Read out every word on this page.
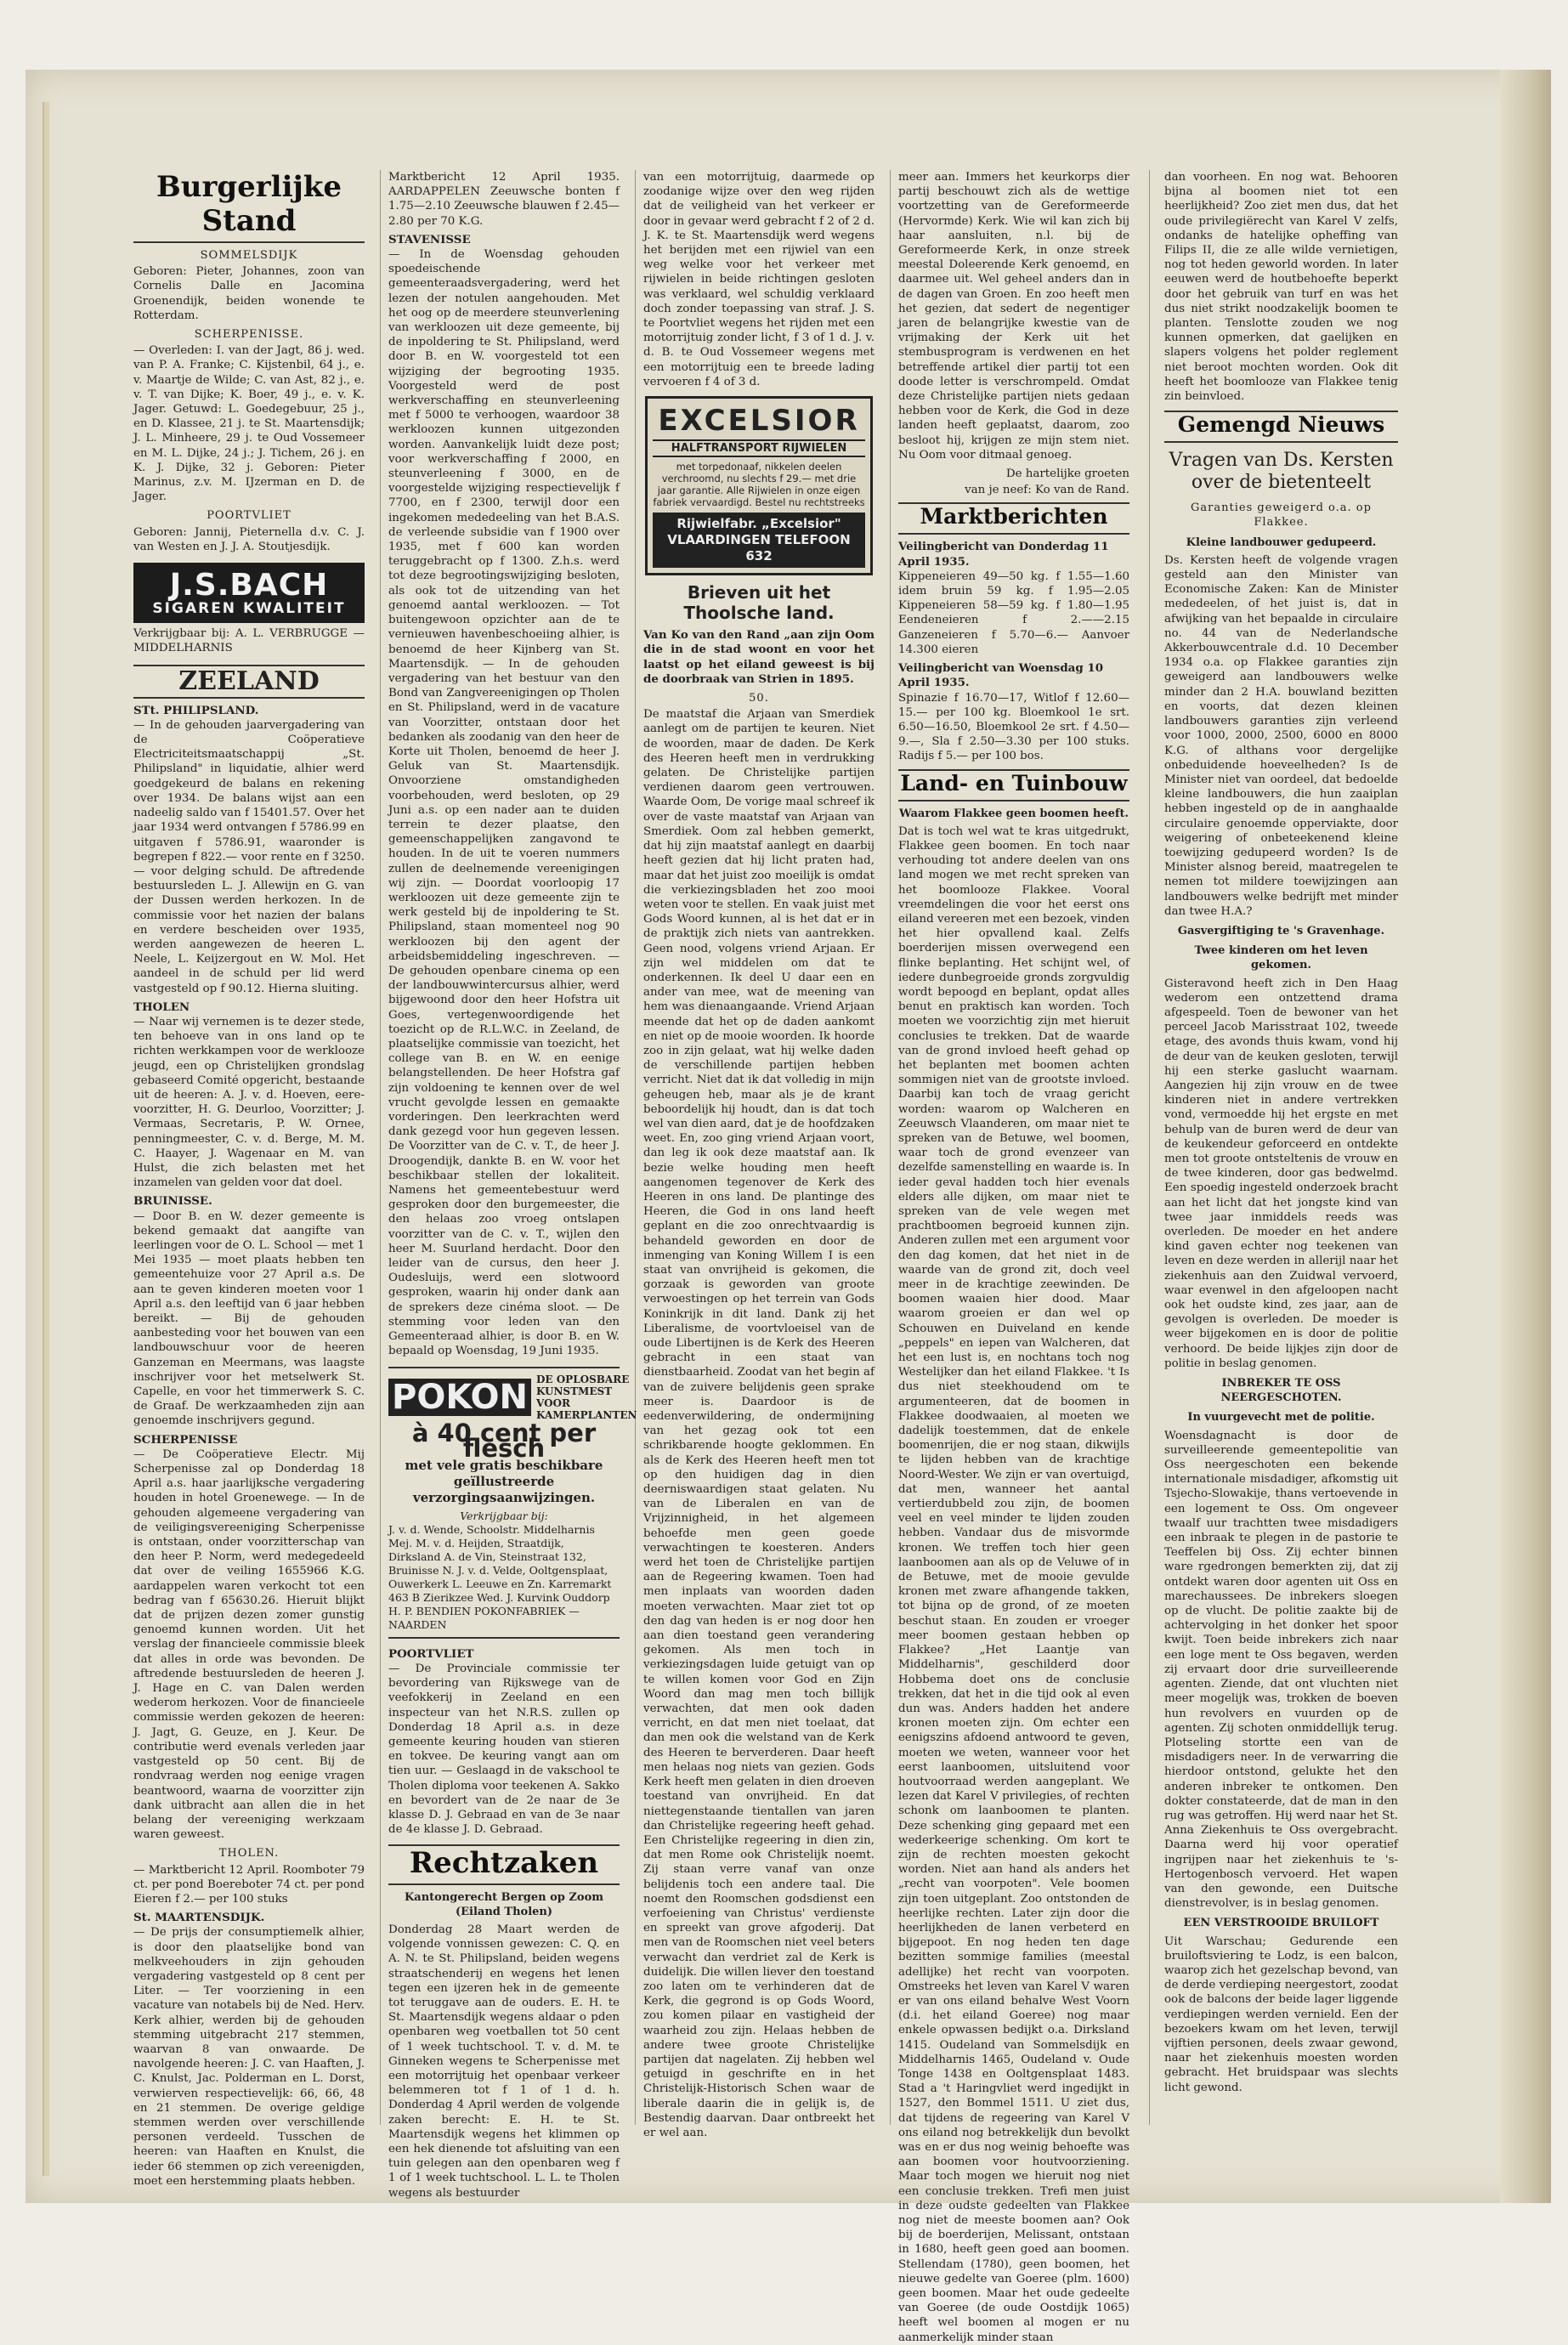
Burgerlijke Stand
SOMMELSDIJK

Geboren: Pieter, Johannes, zoon van Cornelis Dalle en Jacomina Groenendijk, beiden wonende te Rotterdam.

SCHERPENISSE.

— Overleden: I. van der Jagt, 86 j. wed. van P. A. Franke; C. Kijstenbil, 64 j., e. v. Maartje de Wilde; C. van Ast, 82 j., e. v. T. van Dijke; K. Boer, 49 j., e. v. K. Jager. Getuwd: L. Goedegebuur, 25 j., en D. Klassee, 21 j. te St. Maartensdijk; J. L. Minheere, 29 j. te Oud Vossemeer en M. L. Dijke, 24 j.; J. Tichem, 26 j. en K. J. Dijke, 32 j. Geboren: Pieter Marinus, z.v. M. IJzerman en D. de Jager.

POORTVLIET

Geboren: Jannij, Pieternella d.v. C. J. van Westen en J. J. A. Stoutjesdijk.

J.S.BACH
SIGAREN KWALITEIT

Verkrijgbaar bij: A. L. VERBRUGGE — MIDDELHARNIS

ZEELAND
STt. PHILIPSLAND.

— In de gehouden jaarvergadering van de Coöperatieve Electriciteitsmaatschappij „St. Philipsland" in liquidatie, alhier werd goedgekeurd de balans en rekening over 1934. De balans wijst aan een nadeelig saldo van f 15401.57. Over het jaar 1934 werd ontvangen f 5786.99 en uitgaven f 5786.91, waaronder is begrepen f 822.— voor rente en f 3250.— voor delging schuld. De aftredende bestuursleden L. J. Allewijn en G. van der Dussen werden herkozen. In de commissie voor het nazien der balans en verdere bescheiden over 1935, werden aangewezen de heeren L. Neele, L. Keijzergout en W. Mol. Het aandeel in de schuld per lid werd vastgesteld op f 90.12. Hierna sluiting.

THOLEN

— Naar wij vernemen is te dezer stede, ten behoeve van in ons land op te richten werkkampen voor de werklooze jeugd, een op Christelijken grondslag gebaseerd Comité opgericht, bestaande uit de heeren: A. J. v. d. Hoeven, eere-voorzitter, H. G. Deurloo, Voorzitter; J. Vermaas, Secretaris, P. W. Ornee, penningmeester, C. v. d. Berge, M. M. C. Haayer, J. Wagenaar en M. van Hulst, die zich belasten met het inzamelen van gelden voor dat doel.

BRUINISSE.

— Door B. en W. dezer gemeente is bekend gemaakt dat aangifte van leerlingen voor de O. L. School — met 1 Mei 1935 — moet plaats hebben ten gemeentehuize voor 27 April a.s. De aan te geven kinderen moeten voor 1 April a.s. den leeftijd van 6 jaar hebben bereikt. — Bij de gehouden aanbesteding voor het bouwen van een landbouwschuur voor de heeren Ganzeman en Meermans, was laagste inschrijver voor het metselwerk St. Capelle, en voor het timmerwerk S. C. de Graaf. De werkzaamheden zijn aan genoemde inschrijvers gegund.

SCHERPENISSE

— De Coöperatieve Electr. Mij Scherpenisse zal op Donderdag 18 April a.s. haar jaarlijksche vergadering houden in hotel Groenewege. — In de gehouden algemeene vergadering van de veiligingsvereeniging Scherpenisse is ontstaan, onder voorzitterschap van den heer P. Norm, werd medegedeeld dat over de veiling 1655966 K.G. aardappelen waren verkocht tot een bedrag van f 65630.26. Hieruit blijkt dat de prijzen dezen zomer gunstig genoemd kunnen worden. Uit het verslag der financieele commissie bleek dat alles in orde was bevonden. De aftredende bestuursleden de heeren J. J. Hage en C. van Dalen werden wederom herkozen. Voor de financieele commissie werden gekozen de heeren: J. Jagt, G. Geuze, en J. Keur. De contributie werd evenals verleden jaar vastgesteld op 50 cent. Bij de rondvraag werden nog eenige vragen beantwoord, waarna de voorzitter zijn dank uitbracht aan allen die in het belang der vereeniging werkzaam waren geweest.

THOLEN.

— Marktbericht 12 April. Roomboter 79 ct. per pond Boereboter 74 ct. per pond Eieren f 2.— per 100 stuks

St. MAARTENSDIJK.

— De prijs der consumptiemelk alhier, is door den plaatselijke bond van melkveehouders in zijn gehouden vergadering vastgesteld op 8 cent per Liter. — Ter voorziening in een vacature van notabels bij de Ned. Herv. Kerk alhier, werden bij de gehouden stemming uitgebracht 217 stemmen, waarvan 8 van onwaarde. De navolgende heeren: J. C. van Haaften, J. C. Knulst, Jac. Polderman en L. Dorst, verwierven respectievelijk: 66, 66, 48 en 21 stemmen. De overige geldige stemmen werden over verschillende personen verdeeld. Tusschen de heeren: van Haaften en Knulst, die ieder 66 stemmen op zich vereenigden, moet een herstemming plaats hebben.

Marktbericht 12 April 1935. AARDAPPELEN Zeeuwsche bonten f 1.75—2.10 Zeeuwsche blauwen f 2.45—2.80 per 70 K.G.

STAVENISSE

— In de Woensdag gehouden spoedeischende gemeenteraadsvergadering, werd het lezen der notulen aangehouden. Met het oog op de meerdere steunverlening van werkloozen uit deze gemeente, bij de inpoldering te St. Philipsland, werd door B. en W. voorgesteld tot een wijziging der begrooting 1935. Voorgesteld werd de post werkverschaffing en steunverleening met f 5000 te verhoogen, waardoor 38 werkloozen kunnen uitgezonden worden. Aanvankelijk luidt deze post; voor werkverschaffing f 2000, en steunverleening f 3000, en de voorgestelde wijziging respectievelijk f 7700, en f 2300, terwijl door een ingekomen mededeeling van het B.A.S. de verleende subsidie van f 1900 over 1935, met f 600 kan worden teruggebracht op f 1300. Z.h.s. werd tot deze begrootingswijziging besloten, als ook tot de uitzending van het genoemd aantal werkloozen. — Tot buitengewoon opzichter aan de te vernieuwen havenbeschoeiing alhier, is benoemd de heer Kijnberg van St. Maartensdijk. — In de gehouden vergadering van het bestuur van den Bond van Zangvereenigingen op Tholen en St. Philipsland, werd in de vacature van Voorzitter, ontstaan door het bedanken als zoodanig van den heer de Korte uit Tholen, benoemd de heer J. Geluk van St. Maartensdijk. Onvoorziene omstandigheden voorbehouden, werd besloten, op 29 Juni a.s. op een nader aan te duiden terrein te dezer plaatse, den gemeenschappelijken zangavond te houden. In de uit te voeren nummers zullen de deelnemende vereenigingen wij zijn. — Doordat voorloopig 17 werkloozen uit deze gemeente zijn te werk gesteld bij de inpoldering te St. Philipsland, staan momenteel nog 90 werkloozen bij den agent der arbeidsbemiddeling ingeschreven. — De gehouden openbare cinema op een der landbouwwintercursus alhier, werd bijgewoond door den heer Hofstra uit Goes, vertegenwoordigende het toezicht op de R.L.W.C. in Zeeland, de plaatselijke commissie van toezicht, het college van B. en W. en eenige belangstellenden. De heer Hofstra gaf zijn voldoening te kennen over de wel vrucht gevolgde lessen en gemaakte vorderingen. Den leerkrachten werd dank gezegd voor hun gegeven lessen. De Voorzitter van de C. v. T., de heer J. Droogendijk, dankte B. en W. voor het beschikbaar stellen der lokaliteit. Namens het gemeentebestuur werd gesproken door den burgemeester, die den helaas zoo vroeg ontslapen voorzitter van de C. v. T., wijlen den heer M. Suurland herdacht. Door den leider van de cursus, den heer J. Oudesluijs, werd een slotwoord gesproken, waarin hij onder dank aan de sprekers deze cinéma sloot. — De stemming voor leden van den Gemeenteraad alhier, is door B. en W. bepaald op Woensdag, 19 Juni 1935.

POKON DE OPLOSBARE KUNSTMEST VOOR KAMERPLANTEN
à 40 cent per flesch
met vele gratis beschikbare geïllustreerde verzorgingsaanwijzingen.
Verkrijgbaar bij:
J. v. d. Wende, Schoolstr. Middelharnis Mej. M. v. d. Heijden, Straatdijk, Dirksland A. de Vin, Steinstraat 132, Bruinisse N. J. v. d. Velde, Ooltgensplaat, Ouwerkerk L. Leeuwe en Zn. Karremarkt 463 B Zierikzee Wed. J. Kurvink Ouddorp H. P. BENDIEN POKONFABRIEK — NAARDEN
POORTVLIET

— De Provinciale commissie ter bevordering van Rijkswege van de veefokkerij in Zeeland en een inspecteur van het N.R.S. zullen op Donderdag 18 April a.s. in deze gemeente keuring houden van stieren en tokvee. De keuring vangt aan om tien uur. — Geslaagd in de vakschool te Tholen diploma voor teekenen A. Sakko en bevordert van de 2e naar de 3e klasse D. J. Gebraad en van de 3e naar de 4e klasse J. D. Gebraad.

Rechtzaken
Kantongerecht Bergen op Zoom (Eiland Tholen)

Donderdag 28 Maart werden de volgende vonnissen gewezen: C. Q. en A. N. te St. Philipsland, beiden wegens straatschenderij en wegens het lenen tegen een ijzeren hek in de gemeente tot teruggave aan de ouders. E. H. te St. Maartensdijk wegens aldaar o pden openbaren weg voetballen tot 50 cent of 1 week tuchtschool. T. v. d. M. te Ginneken wegens te Scherpenisse met een motorrijtuig het openbaar verkeer belemmeren tot f 1 of 1 d. h. Donderdag 4 April werden de volgende zaken berecht: E. H. te St. Maartensdijk wegens het klimmen op een hek dienende tot afsluiting van een tuin gelegen aan den openbaren weg f 1 of 1 week tuchtschool. L. L. te Tholen wegens als bestuurder

van een motorrijtuig, daarmede op zoodanige wijze over den weg rijden dat de veiligheid van het verkeer er door in gevaar werd gebracht f 2 of 2 d. J. K. te St. Maartensdijk werd wegens het berijden met een rijwiel van een weg welke voor het verkeer met rijwielen in beide richtingen gesloten was verklaard, wel schuldig verklaard doch zonder toepassing van straf. J. S. te Poortvliet wegens het rijden met een motorrijtuig zonder licht, f 3 of 1 d. J. v. d. B. te Oud Vossemeer wegens met een motorrijtuig een te breede lading vervoeren f 4 of 3 d.

EXCELSIOR
HALFTRANSPORT RIJWIELEN
met torpedonaaf, nikkelen deelen verchroomd, nu slechts f 29.— met drie jaar garantie. Alle Rijwielen in onze eigen fabriek vervaardigd. Bestel nu rechtstreeks
Rijwielfabr. „Excelsior" VLAARDINGEN TELEFOON 632
Brieven uit het Thoolsche land.

Van Ko van den Rand „aan zijn Oom die in de stad woont en voor het laatst op het eiland geweest is bij de doorbraak van Strien in 1895.

50.

De maatstaf die Arjaan van Smerdiek aanlegt om de partijen te keuren. Niet de woorden, maar de daden. De Kerk des Heeren heeft men in verdrukking gelaten. De Christelijke partijen verdienen daarom geen vertrouwen. Waarde Oom, De vorige maal schreef ik over de vaste maatstaf van Arjaan van Smerdiek. Oom zal hebben gemerkt, dat hij zijn maatstaf aanlegt en daarbij heeft gezien dat hij licht praten had, maar dat het juist zoo moeilijk is omdat die verkiezingsbladen het zoo mooi weten voor te stellen. En vaak juist met Gods Woord kunnen, al is het dat er in de praktijk zich niets van aantrekken. Geen nood, volgens vriend Arjaan. Er zijn wel middelen om dat te onderkennen. Ik deel U daar een en ander van mee, wat de meening van hem was dienaangaande. Vriend Arjaan meende dat het op de daden aankomt en niet op de mooie woorden. Ik hoorde zoo in zijn gelaat, wat hij welke daden de verschillende partijen hebben verricht. Niet dat ik dat volledig in mijn geheugen heb, maar als je de krant beboordelijk hij houdt, dan is dat toch wel van dien aard, dat je de hoofdzaken weet. En, zoo ging vriend Arjaan voort, dan leg ik ook deze maatstaf aan. Ik bezie welke houding men heeft aangenomen tegenover de Kerk des Heeren in ons land. De plantinge des Heeren, die God in ons land heeft geplant en die zoo onrechtvaardig is behandeld geworden en door de inmenging van Koning Willem I is een staat van onvrijheid is gekomen, die gorzaak is geworden van groote verwoestingen op het terrein van Gods Koninkrijk in dit land. Dank zij het Liberalisme, de voortvloeisel van de oude Libertijnen is de Kerk des Heeren gebracht in een staat van dienstbaarheid. Zoodat van het begin af van de zuivere belijdenis geen sprake meer is. Daardoor is de eedenverwildering, de ondermijning van het gezag ook tot een schrikbarende hoogte geklommen. En als de Kerk des Heeren heeft men tot op den huidigen dag in dien deerniswaardigen staat gelaten. Nu van de Liberalen en van de Vrijzinnigheid, in het algemeen behoefde men geen goede verwachtingen te koesteren. Anders werd het toen de Christelijke partijen aan de Regeering kwamen. Toen had men inplaats van woorden daden moeten verwachten. Maar ziet tot op den dag van heden is er nog door hen aan dien toestand geen verandering gekomen. Als men toch in verkiezingsdagen luide getuigt van op te willen komen voor God en Zijn Woord dan mag men toch billijk verwachten, dat men ook daden verricht, en dat men niet toelaat, dat dan men ook die welstand van de Kerk des Heeren te berverderen. Daar heeft men helaas nog niets van gezien. Gods Kerk heeft men gelaten in dien droeven toestand van onvrijheid. En dat niettegenstaande tientallen van jaren dan Christelijke regeering heeft gehad. Een Christelijke regeering in dien zin, dat men Rome ook Christelijk noemt. Zij staan verre vanaf van onze belijdenis toch een andere taal. Die noemt den Roomschen godsdienst een verfoeiening van Christus' verdienste en spreekt van grove afgoderij. Dat men van de Roomschen niet veel beters verwacht dan verdriet zal de Kerk is duidelijk. Die willen liever den toestand zoo laten om te verhinderen dat de Kerk, die gegrond is op Gods Woord, zou komen pilaar en vastigheid der waarheid zou zijn. Helaas hebben de andere twee groote Christelijke partijen dat nagelaten. Zij hebben wel getuigd in geschrifte en in het Christelijk-Historisch Schen waar de liberale daarin die in gelijk is, de Bestendig daarvan. Daar ontbreekt het er wel aan.

meer aan. Immers het keurkorps dier partij beschouwt zich als de wettige voortzetting van de Gereformeerde (Hervormde) Kerk. Wie wil kan zich bij haar aansluiten, n.l. bij de Gereformeerde Kerk, in onze streek meestal Doleerende Kerk genoemd, en daarmee uit. Wel geheel anders dan in de dagen van Groen. En zoo heeft men het gezien, dat sedert de negentiger jaren de belangrijke kwestie van de vrijmaking der Kerk uit het stembusprogram is verdwenen en het betreffende artikel dier partij tot een doode letter is verschrompeld. Omdat deze Christelijke partijen niets gedaan hebben voor de Kerk, die God in deze landen heeft geplaatst, daarom, zoo besloot hij, krijgen ze mijn stem niet. Nu Oom voor ditmaal genoeg.

De hartelijke groeten
van je neef: Ko van de Rand.
Marktberichten
Veilingbericht van Donderdag 11 April 1935.

Kippeneieren 49—50 kg. f 1.55—1.60 idem bruin 59 kg. f 1.95—2.05 Kippeneieren 58—59 kg. f 1.80—1.95 Eendeneieren f 2.——2.15 Ganzeneieren f 5.70—6.— Aanvoer 14.300 eieren

Veilingbericht van Woensdag 10 April 1935.

Spinazie f 16.70—17, Witlof f 12.60—15.— per 100 kg. Bloemkool 1e srt. 6.50—16.50, Bloemkool 2e srt. f 4.50—9.—, Sla f 2.50—3.30 per 100 stuks. Radijs f 5.— per 100 bos.

Land- en Tuinbouw
Waarom Flakkee geen boomen heeft.

Dat is toch wel wat te kras uitgedrukt, Flakkee geen boomen. En toch naar verhouding tot andere deelen van ons land mogen we met recht spreken van het boomlooze Flakkee. Vooral vreemdelingen die voor het eerst ons eiland vereeren met een bezoek, vinden het hier opvallend kaal. Zelfs boerderijen missen overwegend een flinke beplanting. Het schijnt wel, of iedere dunbegroeide gronds zorgvuldig wordt bepoogd en beplant, opdat alles benut en praktisch kan worden. Toch moeten we voorzichtig zijn met hieruit conclusies te trekken. Dat de waarde van de grond invloed heeft gehad op het beplanten met boomen achten sommigen niet van de grootste invloed. Daarbij kan toch de vraag gericht worden: waarom op Walcheren en Zeeuwsch Vlaanderen, om maar niet te spreken van de Betuwe, wel boomen, waar toch de grond evenzeer van dezelfde samenstelling en waarde is. In ieder geval hadden toch hier evenals elders alle dijken, om maar niet te spreken van de vele wegen met prachtboomen begroeid kunnen zijn. Anderen zullen met een argument voor den dag komen, dat het niet in de waarde van de grond zit, doch veel meer in de krachtige zeewinden. De boomen waaien hier dood. Maar waarom groeien er dan wel op Schouwen en Duiveland en kende „peppels" en iepen van Walcheren, dat het een lust is, en nochtans toch nog Westelijker dan het eiland Flakkee. 't Is dus niet steekhoudend om te argumenteeren, dat de boomen in Flakkee doodwaaien, al moeten we dadelijk toestemmen, dat de enkele boomenrijen, die er nog staan, dikwijls te lijden hebben van de krachtige Noord-Wester. We zijn er van overtuigd, dat men, wanneer het aantal vertierdubbeld zou zijn, de boomen veel en veel minder te lijden zouden hebben. Vandaar dus de misvormde kronen. We treffen toch hier geen laanboomen aan als op de Veluwe of in de Betuwe, met de mooie gevulde kronen met zware afhangende takken, tot bijna op de grond, of ze moeten beschut staan. En zouden er vroeger meer boomen gestaan hebben op Flakkee? „Het Laantje van Middelharnis", geschilderd door Hobbema doet ons de conclusie trekken, dat het in die tijd ook al even dun was. Anders hadden het andere kronen moeten zijn. Om echter een eenigszins afdoend antwoord te geven, moeten we weten, wanneer voor het eerst laanboomen, uitsluitend voor houtvoorraad werden aangeplant. We lezen dat Karel V privilegies, of rechten schonk om laanboomen te planten. Deze schenking ging gepaard met een wederkeerige schenking. Om kort te zijn de rechten moesten gekocht worden. Niet aan hand als anders het „recht van voorpoten". Vele boomen zijn toen uitgeplant. Zoo ontstonden de heerlijke rechten. Later zijn door die heerlijkheden de lanen verbeterd en bijgepoot. En nog heden ten dage bezitten sommige families (meestal adellijke) het recht van voorpoten. Omstreeks het leven van Karel V waren er van ons eiland behalve West Voorn (d.i. het eiland Goeree) nog maar enkele opwassen bedijkt o.a. Dirksland 1415. Oudeland van Sommelsdijk en Middelharnis 1465, Oudeland v. Oude Tonge 1438 en Ooltgensplaat 1483. Stad a 't Haringvliet werd ingedijkt in 1527, den Bommel 1511. U ziet dus, dat tijdens de regeering van Karel V ons eiland nog betrekkelijk dun bevolkt was en er dus nog weinig behoefte was aan boomen voor houtvoorziening. Maar toch mogen we hieruit nog niet een conclusie trekken. Trefi men juist in deze oudste gedeelten van Flakkee nog niet de meeste boomen aan? Ook bij de boerderijen, Melissant, ontstaan in 1680, heeft geen goed aan boomen. Stellendam (1780), geen boomen, het nieuwe gedelte van Goeree (plm. 1600) geen boomen. Maar het oude gedeelte van Goeree (de oude Oostdijk 1065) heeft wel boomen al mogen er nu aanmerkelijk minder staan

dan voorheen. En nog wat. Behooren bijna al boomen niet tot een heerlijkheid? Zoo ziet men dus, dat het oude privilegiërecht van Karel V zelfs, ondanks de hatelijke opheffing van Filips II, die ze alle wilde vernietigen, nog tot heden geworld worden. In later eeuwen werd de houtbehoefte beperkt door het gebruik van turf en was het dus niet strikt noodzakelijk boomen te planten. Tenslotte zouden we nog kunnen opmerken, dat gaelijken en slapers volgens het polder reglement niet beroot mochten worden. Ook dit heeft het boomlooze van Flakkee tenig zin beinvloed.

Gemengd Nieuws
Vragen van Ds. Kersten over de bietenteelt
Garanties geweigerd o.a. op Flakkee.
Kleine landbouwer gedupeerd.

Ds. Kersten heeft de volgende vragen gesteld aan den Minister van Economische Zaken: Kan de Minister mededeelen, of het juist is, dat in afwijking van het bepaalde in circulaire no. 44 van de Nederlandsche Akkerbouwcentrale d.d. 10 December 1934 o.a. op Flakkee garanties zijn geweigerd aan landbouwers welke minder dan 2 H.A. bouwland bezitten en voorts, dat dezen kleinen landbouwers garanties zijn verleend voor 1000, 2000, 2500, 6000 en 8000 K.G. of althans voor dergelijke onbeduidende hoeveelheden? Is de Minister niet van oordeel, dat bedoelde kleine landbouwers, die hun zaaiplan hebben ingesteld op de in aanghaalde circulaire genoemde opperviakte, door weigering of onbeteekenend kleine toewijzing gedupeerd worden? Is de Minister alsnog bereid, maatregelen te nemen tot mildere toewijzingen aan landbouwers welke bedrijft met minder dan twee H.A.?

Gasvergiftiging te 's Gravenhage.
Twee kinderen om het leven gekomen.

Gisteravond heeft zich in Den Haag wederom een ontzettend drama afgespeeld. Toen de bewoner van het perceel Jacob Marisstraat 102, tweede etage, des avonds thuis kwam, vond hij de deur van de keuken gesloten, terwijl hij een sterke gaslucht waarnam. Aangezien hij zijn vrouw en de twee kinderen niet in andere vertrekken vond, vermoedde hij het ergste en met behulp van de buren werd de deur van de keukendeur geforceerd en ontdekte men tot groote ontsteltenis de vrouw en de twee kinderen, door gas bedwelmd. Een spoedig ingesteld onderzoek bracht aan het licht dat het jongste kind van twee jaar inmiddels reeds was overleden. De moeder en het andere kind gaven echter nog teekenen van leven en deze werden in allerijl naar het ziekenhuis aan den Zuidwal vervoerd, waar evenwel in den afgeloopen nacht ook het oudste kind, zes jaar, aan de gevolgen is overleden. De moeder is weer bijgekomen en is door de politie verhoord. De beide lijkjes zijn door de politie in beslag genomen.

INBREKER TE OSS NEERGESCHOTEN.
In vuurgevecht met de politie.

Woensdagnacht is door de surveilleerende gemeentepolitie van Oss neergeschoten een bekende internationale misdadiger, afkomstig uit Tsjecho-Slowakije, thans vertoevende in een logement te Oss. Om ongeveer twaalf uur trachtten twee misdadigers een inbraak te plegen in de pastorie te Teeffelen bij Oss. Zij echter binnen ware rgedrongen bemerkten zij, dat zij ontdekt waren door agenten uit Oss en marechaussees. De inbrekers sloegen op de vlucht. De politie zaakte bij de achtervolging in het donker het spoor kwijt. Toen beide inbrekers zich naar een loge ment te Oss begaven, werden zij ervaart door drie surveilleerende agenten. Ziende, dat ont vluchten niet meer mogelijk was, trokken de boeven hun revolvers en vuurden op de agenten. Zij schoten onmiddellijk terug. Plotseling stortte een van de misdadigers neer. In de verwarring die hierdoor ontstond, gelukte het den anderen inbreker te ontkomen. Den dokter constateerde, dat de man in den rug was getroffen. Hij werd naar het St. Anna Ziekenhuis te Oss overgebracht. Daarna werd hij voor operatief ingrijpen naar het ziekenhuis te 's-Hertogenbosch vervoerd. Het wapen van den gewonde, een Duitsche dienstrevolver, is in beslag genomen.

EEN VERSTROOIDE BRUILOFT

Uit Warschau; Gedurende een bruiloftsviering te Lodz, is een balcon, waarop zich het gezelschap bevond, van de derde verdieping neergestort, zoodat ook de balcons der beide lager liggende verdiepingen werden vernield. Een der bezoekers kwam om het leven, terwijl vijftien personen, deels zwaar gewond, naar het ziekenhuis moesten worden gebracht. Het bruidspaar was slechts licht gewond.
